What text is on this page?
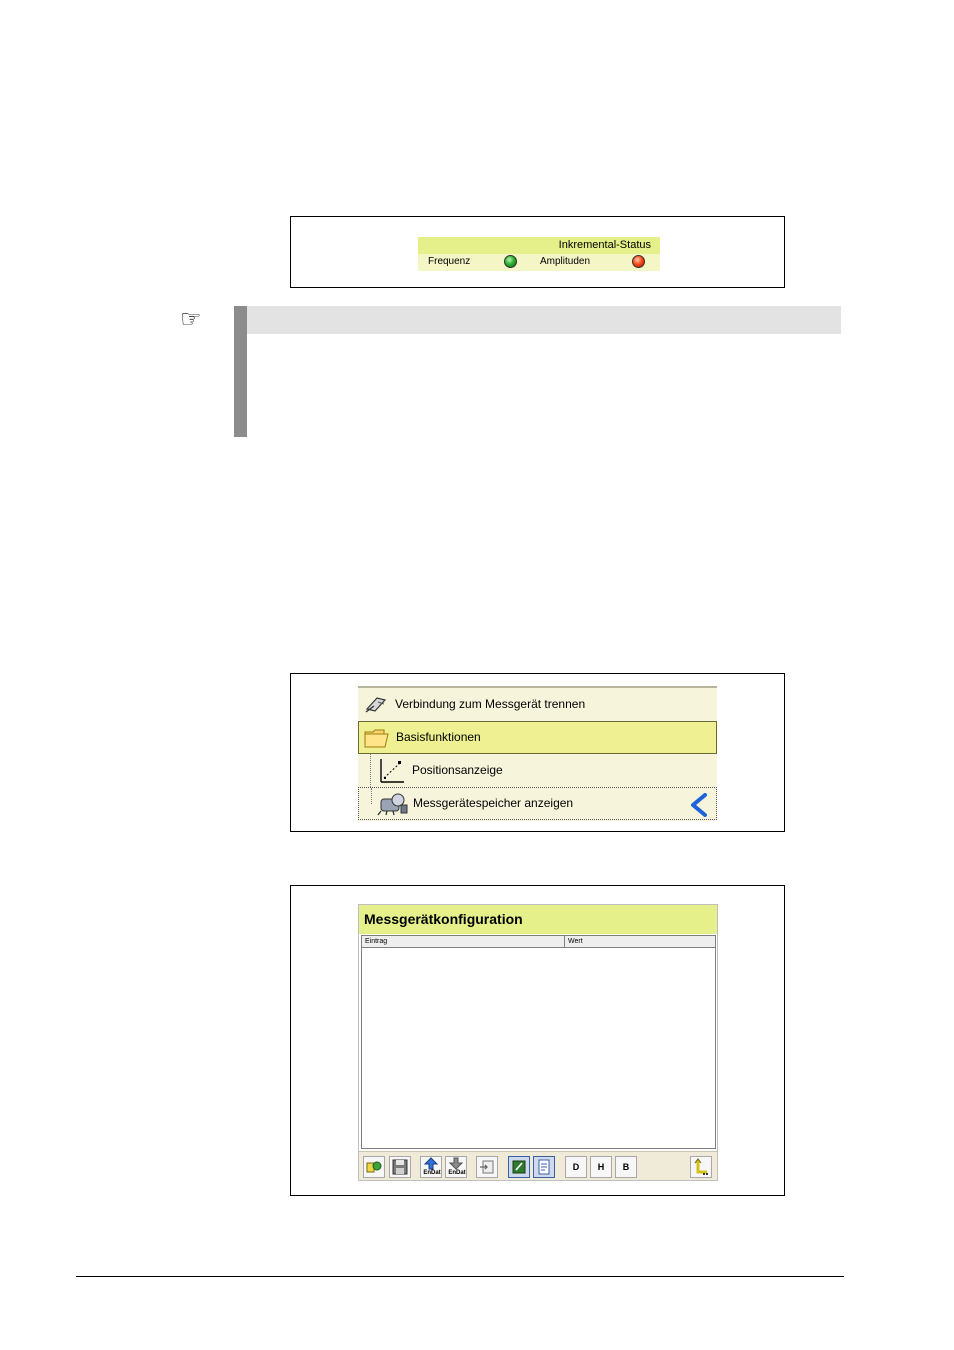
Inkremental-Status
Frequenz	Amplituden
☞
Verbindung zum Messgerät trennen
Basisfunktionen
Positionsanzeige
Messgerätespeicher anzeigen
Messgerätkonfiguration
Eintrag	Wert
EnDat	EnDat
D	H	B
